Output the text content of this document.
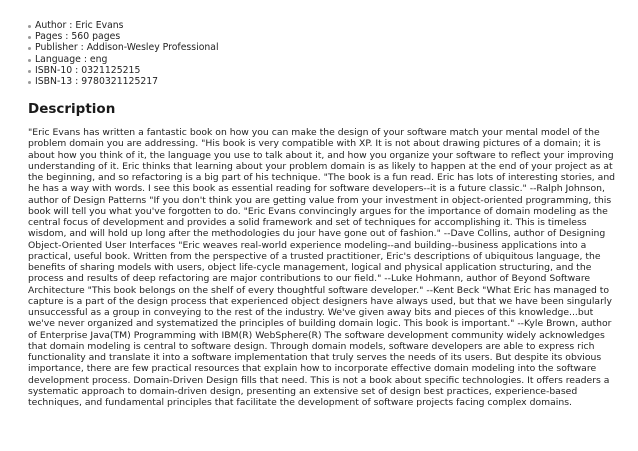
Author : Eric Evans
Pages : 560 pages
Publisher : Addison-Wesley Professional
Language : eng
ISBN-10 : 0321125215
ISBN-13 : 9780321125217
Description
"Eric Evans has written a fantastic book on how you can make the design of your software match your mental model of the
problem domain you are addressing. "His book is very compatible with XP. It is not about drawing pictures of a domain; it is
about how you think of it, the language you use to talk about it, and how you organize your software to reflect your improving
understanding of it. Eric thinks that learning about your problem domain is as likely to happen at the end of your project as at
the beginning, and so refactoring is a big part of his technique. "The book is a fun read. Eric has lots of interesting stories, and
he has a way with words. I see this book as essential reading for software developers--it is a future classic." --Ralph Johnson,
author of Design Patterns "If you don't think you are getting value from your investment in object-oriented programming, this
book will tell you what you've forgotten to do. "Eric Evans convincingly argues for the importance of domain modeling as the
central focus of development and provides a solid framework and set of techniques for accomplishing it. This is timeless
wisdom, and will hold up long after the methodologies du jour have gone out of fashion." --Dave Collins, author of Designing
Object-Oriented User Interfaces "Eric weaves real-world experience modeling--and building--business applications into a
practical, useful book. Written from the perspective of a trusted practitioner, Eric's descriptions of ubiquitous language, the
benefits of sharing models with users, object life-cycle management, logical and physical application structuring, and the
process and results of deep refactoring are major contributions to our field." --Luke Hohmann, author of Beyond Software
Architecture "This book belongs on the shelf of every thoughtful software developer." --Kent Beck "What Eric has managed to
capture is a part of the design process that experienced object designers have always used, but that we have been singularly
unsuccessful as a group in conveying to the rest of the industry. We've given away bits and pieces of this knowledge...but
we've never organized and systematized the principles of building domain logic. This book is important." --Kyle Brown, author
of Enterprise Java(TM) Programming with IBM(R) WebSphere(R) The software development community widely acknowledges
that domain modeling is central to software design. Through domain models, software developers are able to express rich
functionality and translate it into a software implementation that truly serves the needs of its users. But despite its obvious
importance, there are few practical resources that explain how to incorporate effective domain modeling into the software
development process. Domain-Driven Design fills that need. This is not a book about specific technologies. It offers readers a
systematic approach to domain-driven design, presenting an extensive set of design best practices, experience-based
techniques, and fundamental principles that facilitate the development of software projects facing complex domains.
